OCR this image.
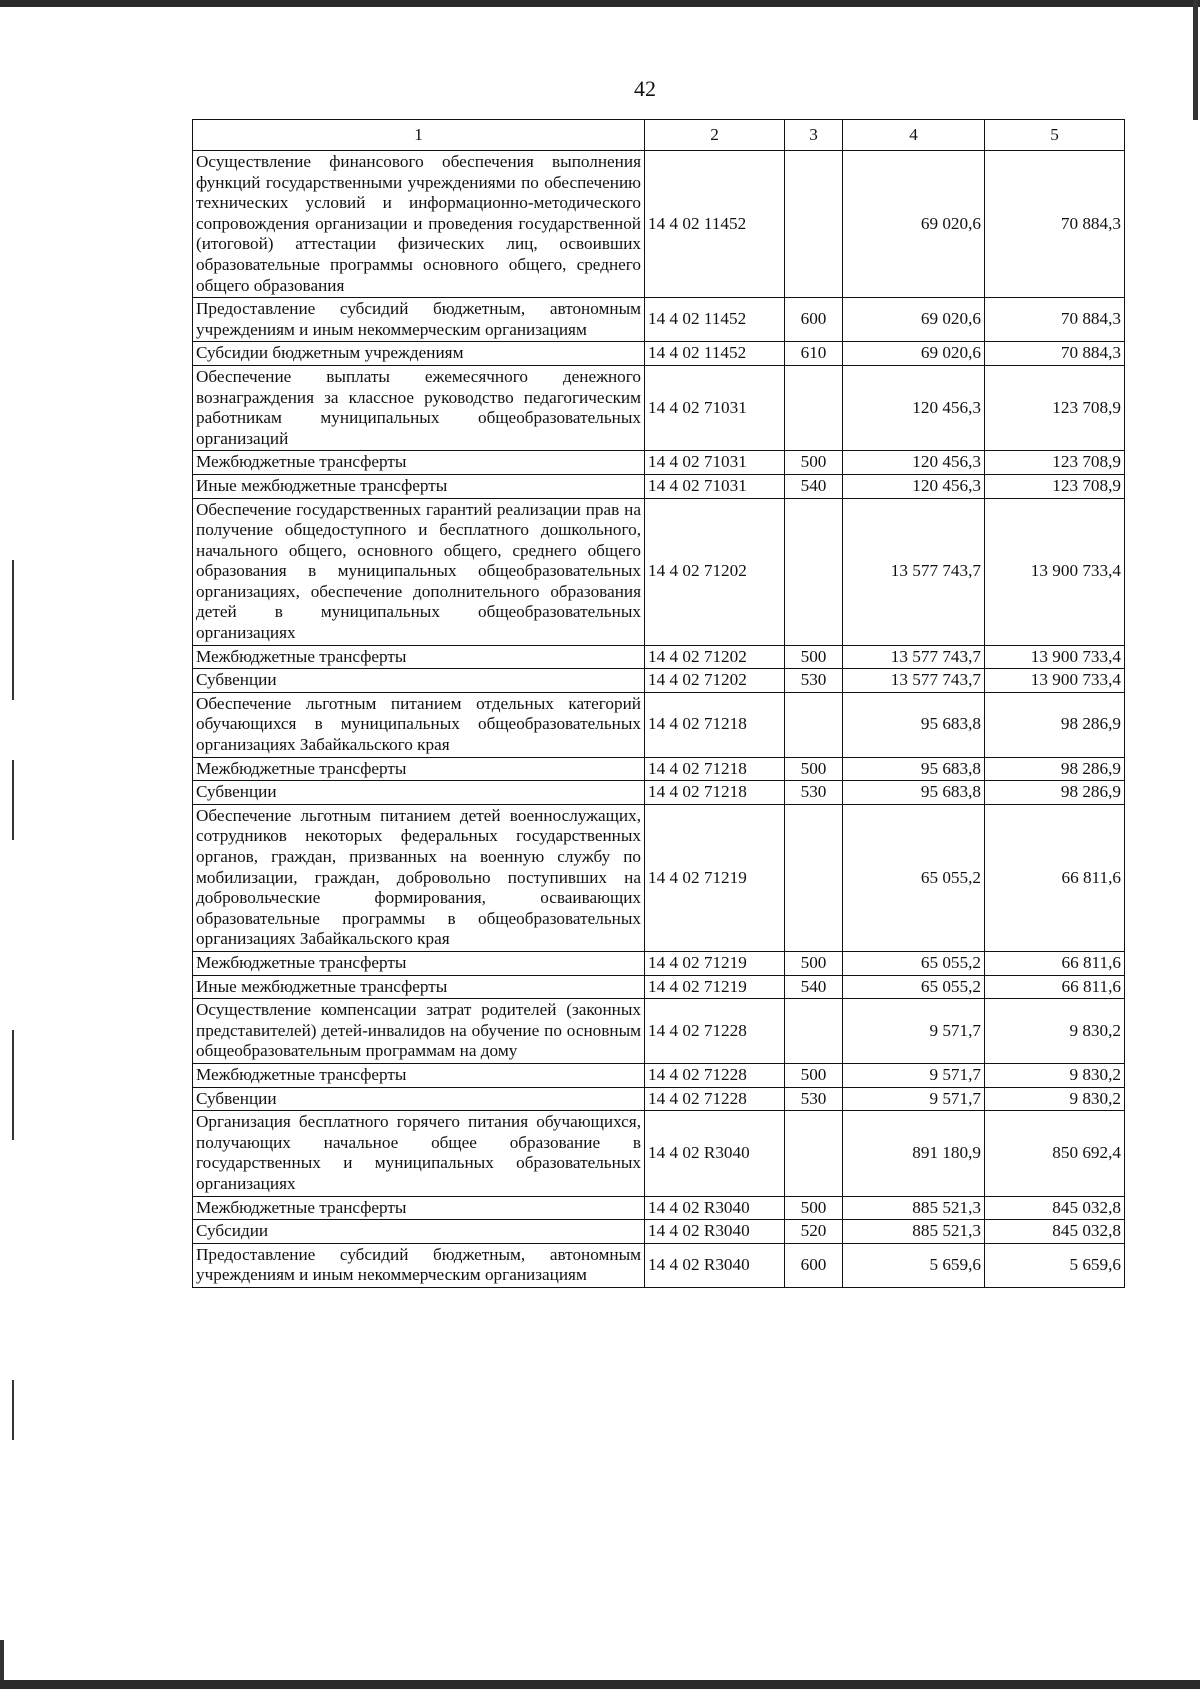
42
1	2	3	4	5
Осуществление финансового обеспечения выполнения функций государственными учреждениями по обеспечению технических условий и информационно-методического сопровождения организации и проведения государственной (итоговой) аттестации физических лиц, освоивших образовательные программы основного общего, среднего общего образования	14 4 02 11452		69 020,6	70 884,3
Предоставление субсидий бюджетным, автономным учреждениям и иным некоммерческим организациям	14 4 02 11452	600	69 020,6	70 884,3
Субсидии бюджетным учреждениям	14 4 02 11452	610	69 020,6	70 884,3
Обеспечение выплаты ежемесячного денежного вознаграждения за классное руководство педагогическим работникам муниципальных общеобразовательных организаций	14 4 02 71031		120 456,3	123 708,9
Межбюджетные трансферты	14 4 02 71031	500	120 456,3	123 708,9
Иные межбюджетные трансферты	14 4 02 71031	540	120 456,3	123 708,9
Обеспечение государственных гарантий реализации прав на получение общедоступного и бесплатного дошкольного, начального общего, основного общего, среднего общего образования в муниципальных общеобразовательных организациях, обеспечение дополнительного образования детей в муниципальных общеобразовательных организациях	14 4 02 71202		13 577 743,7	13 900 733,4
Межбюджетные трансферты	14 4 02 71202	500	13 577 743,7	13 900 733,4
Субвенции	14 4 02 71202	530	13 577 743,7	13 900 733,4
Обеспечение льготным питанием отдельных категорий обучающихся в муниципальных общеобразовательных организациях Забайкальского края	14 4 02 71218		95 683,8	98 286,9
Межбюджетные трансферты	14 4 02 71218	500	95 683,8	98 286,9
Субвенции	14 4 02 71218	530	95 683,8	98 286,9
Обеспечение льготным питанием детей военнослужащих, сотрудников некоторых федеральных государственных органов, граждан, призванных на военную службу по мобилизации, граждан, добровольно поступивших на добровольческие формирования, осваивающих образовательные программы в общеобразовательных организациях Забайкальского края	14 4 02 71219		65 055,2	66 811,6
Межбюджетные трансферты	14 4 02 71219	500	65 055,2	66 811,6
Иные межбюджетные трансферты	14 4 02 71219	540	65 055,2	66 811,6
Осуществление компенсации затрат родителей (законных представителей) детей-инвалидов на обучение по основным общеобразовательным программам на дому	14 4 02 71228		9 571,7	9 830,2
Межбюджетные трансферты	14 4 02 71228	500	9 571,7	9 830,2
Субвенции	14 4 02 71228	530	9 571,7	9 830,2
Организация бесплатного горячего питания обучающихся, получающих начальное общее образование в государственных и муниципальных образовательных организациях	14 4 02 R3040		891 180,9	850 692,4
Межбюджетные трансферты	14 4 02 R3040	500	885 521,3	845 032,8
Субсидии	14 4 02 R3040	520	885 521,3	845 032,8
Предоставление субсидий бюджетным, автономным учреждениям и иным некоммерческим организациям	14 4 02 R3040	600	5 659,6	5 659,6
